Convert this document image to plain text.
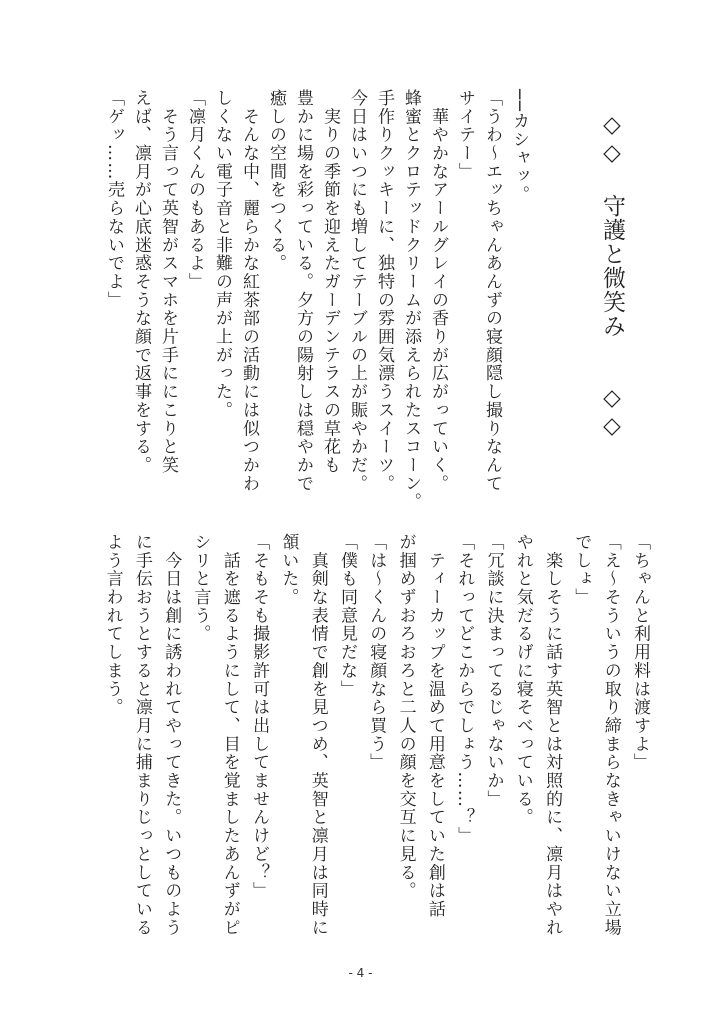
◇◇
守護と微笑み
◇◇
──カシャッ。
「うわ～エッちゃんあんずの寝顔隠し撮りなんて
サイテー」
　華やかなアールグレイの香りが広がっていく。
蜂蜜とクロテッドクリームが添えられたスコーン。
手作りクッキーに、独特の雰囲気漂うスイーツ。
今日はいつにも増してテーブルの上が賑やかだ。
　実りの季節を迎えたガーデンテラスの草花も
豊かに場を彩っている。夕方の陽射しは穏やかで
癒しの空間をつくる。
　そんな中、麗らかな紅茶部の活動には似つかわ
しくない電子音と非難の声が上がった。
「凛月くんのもあるよ」
　そう言って英智がスマホを片手ににこりと笑
えば、凛月が心底迷惑そうな顔で返事をする。
「ゲッ……売らないでよ」
「ちゃんと利用料は渡すよ」
「え～そういうの取り締まらなきゃいけない立場
でしょ」
　楽しそうに話す英智とは対照的に、凛月はやれ
やれと気だるげに寝そべっている。
「冗談に決まってるじゃないか」
「それってどこからでしょう……？」
　ティーカップを温めて用意をしていた創は話
が掴めずおろおろと二人の顔を交互に見る。
「は～くんの寝顔なら買う」
「僕も同意見だな」
　真剣な表情で創を見つめ、英智と凛月は同時に
頷いた。
「そもそも撮影許可は出してませんけど？」
　話を遮るようにして、目を覚ましたあんずがピ
シリと言う。
　今日は創に誘われてやってきた。いつものよう
に手伝おうとすると凛月に捕まりじっとしている
よう言われてしまう。
- 4 -
